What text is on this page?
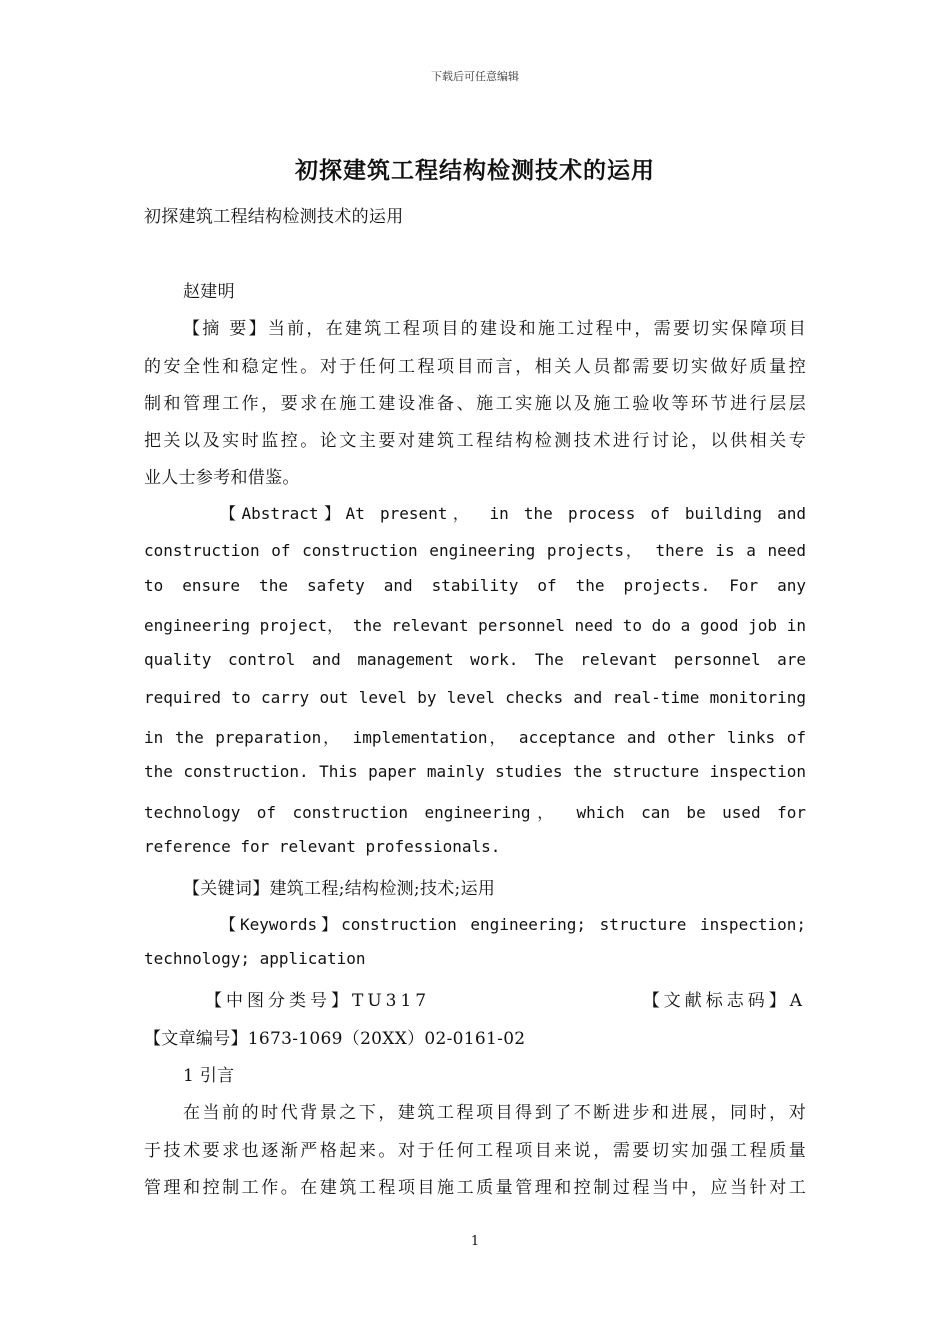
下载后可任意编辑
初探建筑工程结构检测技术的运用
初探建筑工程结构检测技术的运用
赵建明
【摘 要】当前，在建筑工程项目的建设和施工过程中，需要切实保障项目
的安全性和稳定性。对于任何工程项目而言，相关人员都需要切实做好质量控
制和管理工作，要求在施工建设准备、施工实施以及施工验收等环节进行层层
把关以及实时监控。论文主要对建筑工程结构检测技术进行讨论，以供相关专
业人士参考和借鉴。
【Abstract】At present， in the process of building and
construction of construction engineering projects， there is a need
to ensure the safety and stability of the projects. For any
engineering project， the relevant personnel need to do a good job in
quality control and management work. The relevant personnel are
required to carry out level by level checks and real-time monitoring
in the preparation， implementation， acceptance and other links of
the construction. This paper mainly studies the structure inspection
technology of construction engineering， which can be used for
reference for relevant professionals.
【关键词】建筑工程;结构检测;技术;运用
【Keywords】construction engineering; structure inspection;
technology; application
【中图分类号】TU317	【文献标志码】A
【文章编号】1673-1069（20XX）02-0161-02
1 引言
在当前的时代背景之下，建筑工程项目得到了不断进步和进展，同时，对
于技术要求也逐渐严格起来。对于任何工程项目来说，需要切实加强工程质量
管理和控制工作。在建筑工程项目施工质量管理和控制过程当中，应当针对工
1
